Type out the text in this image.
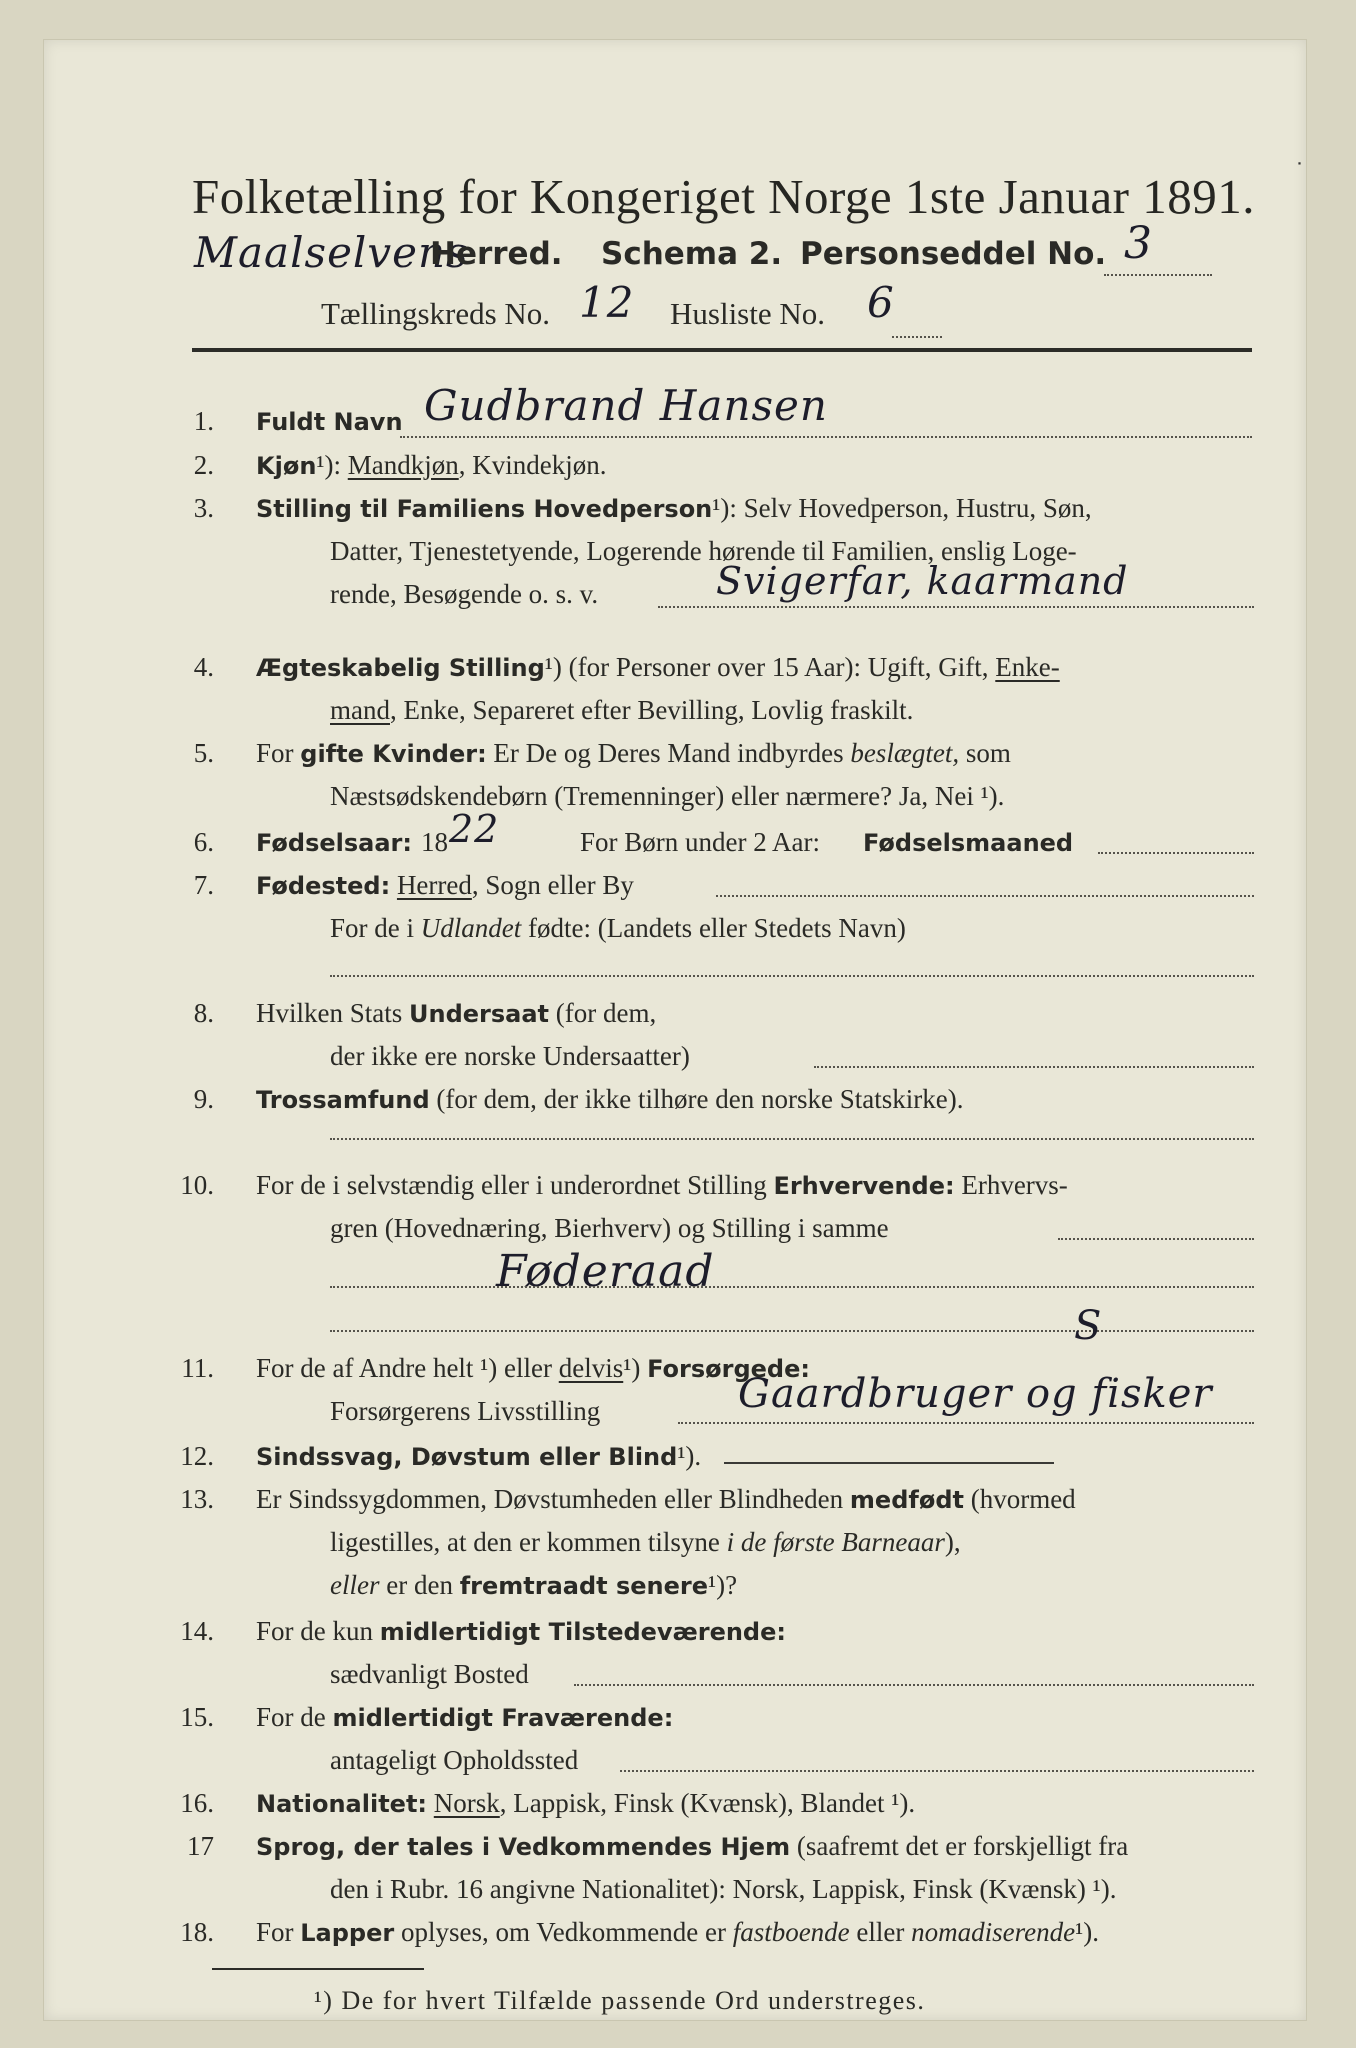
Folketælling for Kongeriget Norge 1ste Januar 1891.
Maalselvens
Herred. Schema 2. Personseddel No. 3
Tællingskreds No. 12 Husliste No. 6
1. Fuldt Navn Gudbrand Hansen
2. Kjøn¹): Mandkjøn, Kvindekjøn.
3. Stilling til Familiens Hovedperson¹): Selv Hovedperson, Hustru, Søn,
Datter, Tjenestetyende, Logerende hørende til Familien, enslig Loge-
rende, Besøgende o. s. v.	Svigerfar, kaarmand
4. Ægteskabelig Stilling¹) (for Personer over 15 Aar): Ugift, Gift, Enke-
mand, Enke, Separeret efter Bevilling, Lovlig fraskilt.
5. For gifte Kvinder: Er De og Deres Mand indbyrdes beslægtet, som
Næstsødskendebørn (Tremenninger) eller nærmere? Ja, Nei ¹).
6. Fødselsaar: 18 22	For Børn under 2 Aar: Fødselsmaaned
7. Fødested: Herred, Sogn eller By
For de i Udlandet fødte: (Landets eller Stedets Navn)
8. Hvilken Stats Undersaat (for dem,
der ikke ere norske Undersaatter)
9. Trossamfund (for dem, der ikke tilhøre den norske Statskirke).
10. For de i selvstændig eller i underordnet Stilling Erhvervende: Erhvervs-
gren (Hovednæring, Bierhverv) og Stilling i samme
Føderaad
11. For de af Andre helt ¹) eller delvis¹) Forsørgede:
S
Forsørgerens Livsstilling	Gaardbruger og fisker
12. Sindssvag, Døvstum eller Blind¹).
13. Er Sindssygdommen, Døvstumheden eller Blindheden medfødt (hvormed
ligestilles, at den er kommen tilsyne i de første Barneaar),
eller er den fremtraadt senere¹)?
14. For de kun midlertidigt Tilstedeværende:
sædvanligt Bosted
15. For de midlertidigt Fraværende:
antageligt Opholdssted
16. Nationalitet: Norsk, Lappisk, Finsk (Kvænsk), Blandet ¹).
17 Sprog, der tales i Vedkommendes Hjem (saafremt det er forskjelligt fra
den i Rubr. 16 angivne Nationalitet): Norsk, Lappisk, Finsk (Kvænsk) ¹).
18. For Lapper oplyses, om Vedkommende er fastboende eller nomadiserende¹).
¹) De for hvert Tilfælde passende Ord understreges.
˙
